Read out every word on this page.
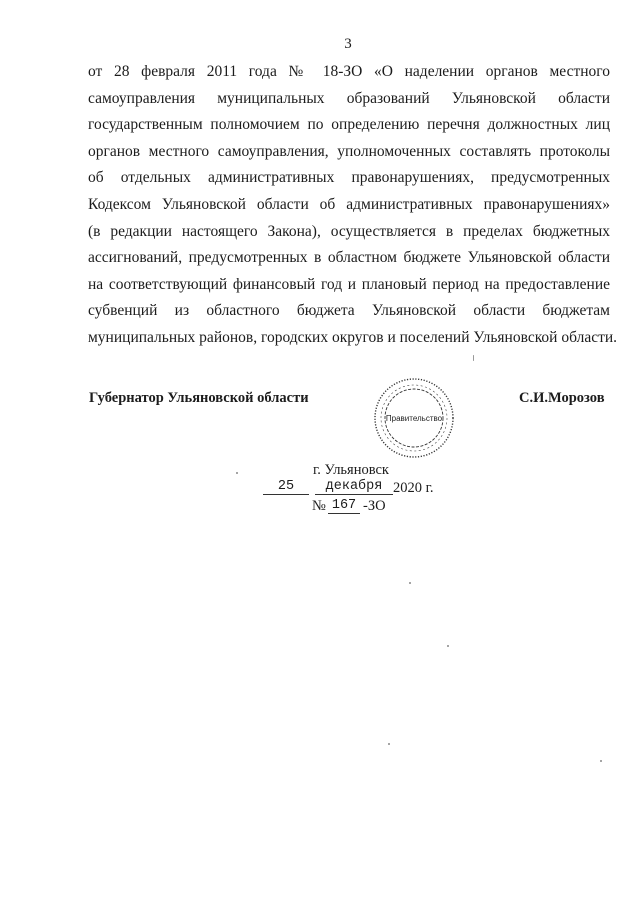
3
от 28 февраля 2011 года № 18-ЗО «О наделении органов местного
самоуправления муниципальных образований Ульяновской области
государственным полномочием по определению перечня должностных лиц
органов местного самоуправления, уполномоченных составлять протоколы
об отдельных административных правонарушениях, предусмотренных
Кодексом Ульяновской области об административных правонарушениях»
(в редакции настоящего Закона), осуществляется в пределах бюджетных
ассигнований, предусмотренных в областном бюджете Ульяновской области
на соответствующий финансовый год и плановый период на предоставление
субвенций из областного бюджета Ульяновской области бюджетам
муниципальных районов, городских округов и поселений Ульяновской области.
Губернатор Ульяновской области	С.И.Морозов
Правительство
г. Ульяновск
25	декабря 2020 г.
№ 167 -ЗО
